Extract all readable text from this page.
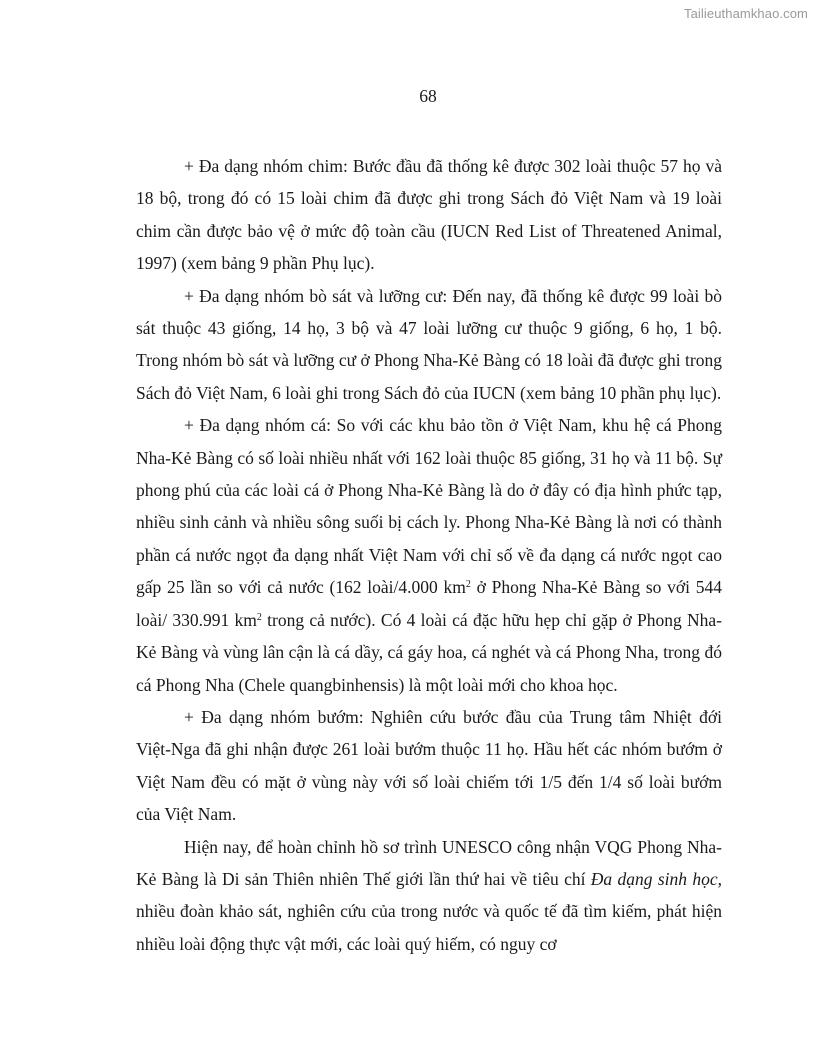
Tailieuthamkhao.com
68

+ Đa dạng nhóm chim: Bước đầu đã thống kê được 302 loài thuộc 57 họ và 18 bộ, trong đó có 15 loài chim đã được ghi trong Sách đỏ Việt Nam và 19 loài chim cần được bảo vệ ở mức độ toàn cầu (IUCN Red List of Threatened Animal, 1997) (xem bảng 9 phần Phụ lục).

+ Đa dạng nhóm bò sát và lưỡng cư: Đến nay, đã thống kê được 99 loài bò sát thuộc 43 giống, 14 họ, 3 bộ và 47 loài lưỡng cư thuộc 9 giống, 6 họ, 1 bộ. Trong nhóm bò sát và lưỡng cư ở Phong Nha-Kẻ Bàng có 18 loài đã được ghi trong Sách đỏ Việt Nam, 6 loài ghi trong Sách đỏ của IUCN (xem bảng 10 phần phụ lục).

+ Đa dạng nhóm cá: So với các khu bảo tồn ở Việt Nam, khu hệ cá Phong Nha-Kẻ Bàng có số loài nhiều nhất với 162 loài thuộc 85 giống, 31 họ và 11 bộ. Sự phong phú của các loài cá ở Phong Nha-Kẻ Bàng là do ở đây có địa hình phức tạp, nhiều sinh cảnh và nhiều sông suối bị cách ly. Phong Nha-Kẻ Bàng là nơi có thành phần cá nước ngọt đa dạng nhất Việt Nam với chỉ số về đa dạng cá nước ngọt cao gấp 25 lần so với cả nước (162 loài/4.000 $km^2$ ở Phong Nha-Kẻ Bàng so với 544 loài/ 330.991 $km^2$ trong cả nước). Có 4 loài cá đặc hữu hẹp chỉ gặp ở Phong Nha-Kẻ Bàng và vùng lân cận là cá dầy, cá gáy hoa, cá nghét và cá Phong Nha, trong đó cá Phong Nha (Chele quangbinhensis) là một loài mới cho khoa học.

+ Đa dạng nhóm bướm: Nghiên cứu bước đầu của Trung tâm Nhiệt đới Việt-Nga đã ghi nhận được 261 loài bướm thuộc 11 họ. Hầu hết các nhóm bướm ở Việt Nam đều có mặt ở vùng này với số loài chiếm tới 1/5 đến 1/4 số loài bướm của Việt Nam.

Hiện nay, để hoàn chỉnh hồ sơ trình UNESCO công nhận VQG Phong Nha-Kẻ Bàng là Di sản Thiên nhiên Thế giới lần thứ hai về tiêu chí Đa dạng sinh học, nhiều đoàn khảo sát, nghiên cứu của trong nước và quốc tế đã tìm kiếm, phát hiện nhiều loài động thực vật mới, các loài quý hiếm, có nguy cơ
